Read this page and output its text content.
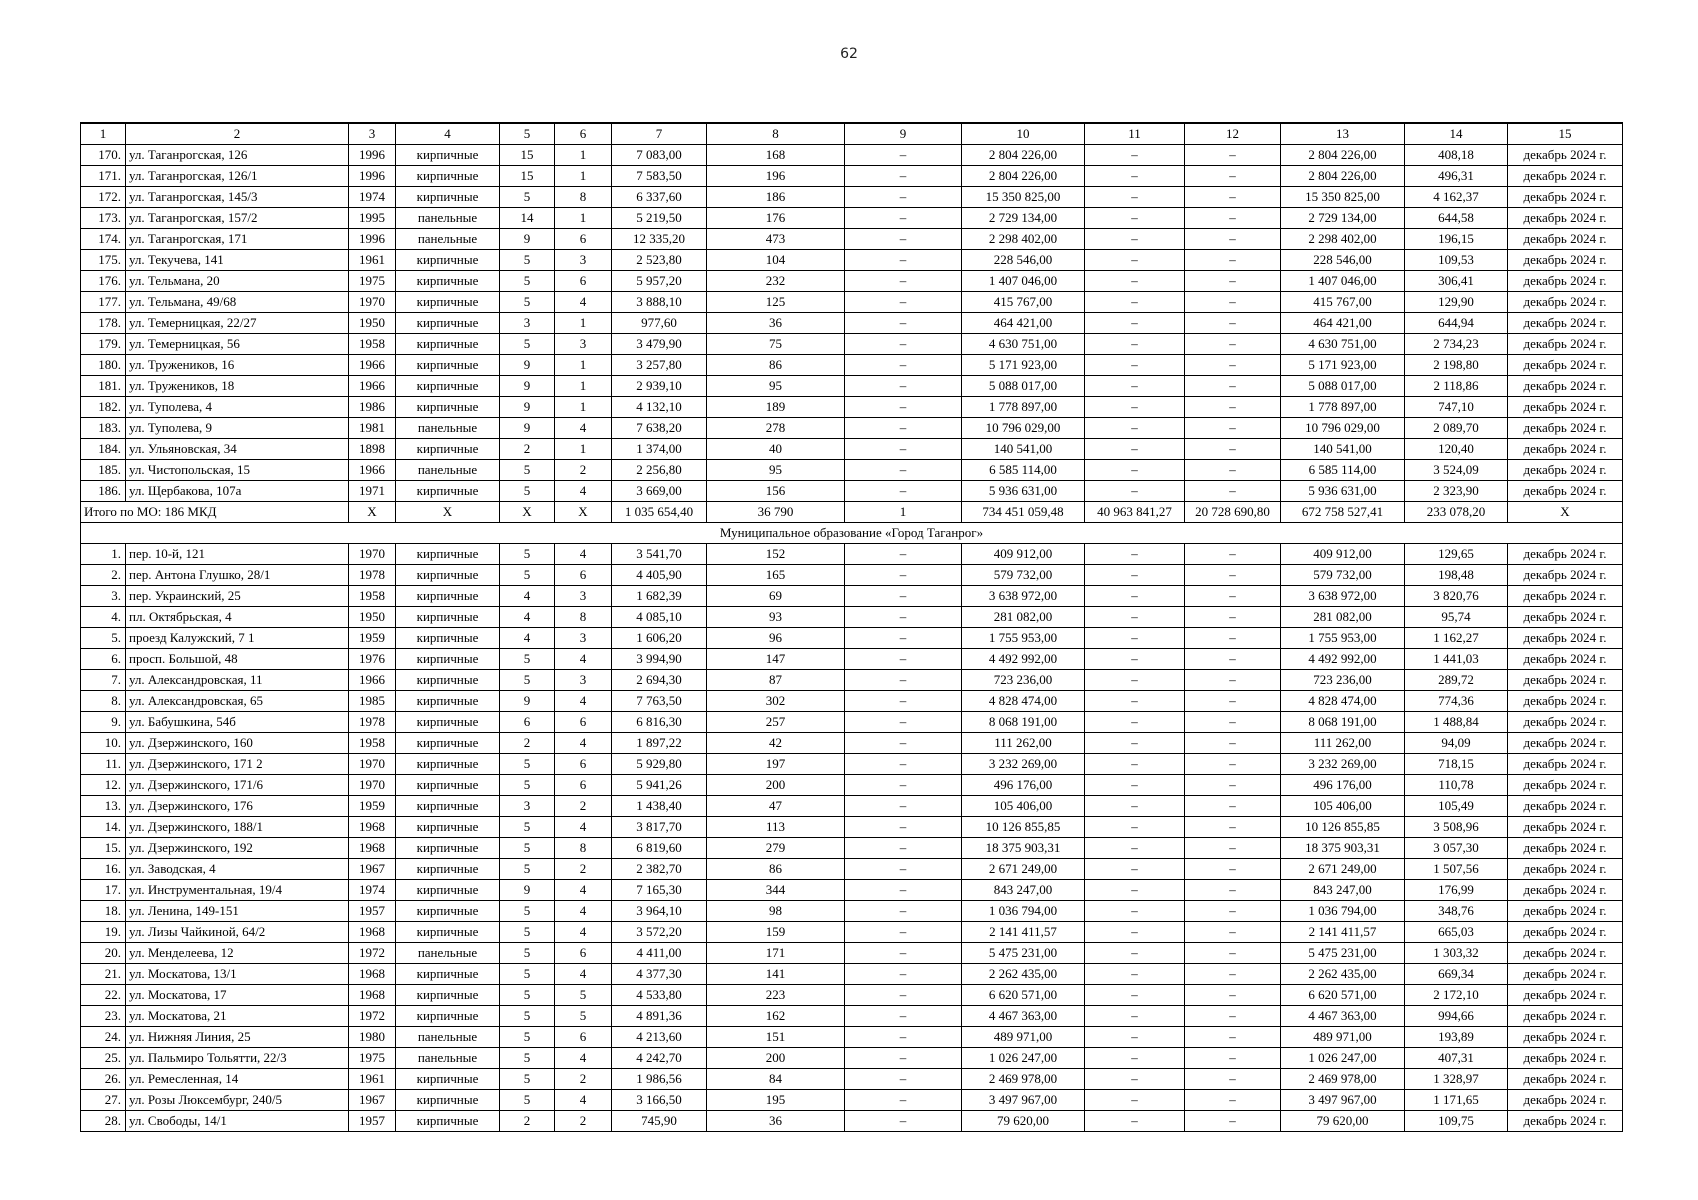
62
1	2	3	4	5	6	7	8	9	10	11	12	13	14	15
170.	ул. Таганрогская, 126	1996	кирпичные	15	1	7 083,00	168	–	2 804 226,00	–	–	2 804 226,00	408,18	декабрь 2024 г.
171.	ул. Таганрогская, 126/1	1996	кирпичные	15	1	7 583,50	196	–	2 804 226,00	–	–	2 804 226,00	496,31	декабрь 2024 г.
172.	ул. Таганрогская, 145/3	1974	кирпичные	5	8	6 337,60	186	–	15 350 825,00	–	–	15 350 825,00	4 162,37	декабрь 2024 г.
173.	ул. Таганрогская, 157/2	1995	панельные	14	1	5 219,50	176	–	2 729 134,00	–	–	2 729 134,00	644,58	декабрь 2024 г.
174.	ул. Таганрогская, 171	1996	панельные	9	6	12 335,20	473	–	2 298 402,00	–	–	2 298 402,00	196,15	декабрь 2024 г.
175.	ул. Текучева, 141	1961	кирпичные	5	3	2 523,80	104	–	228 546,00	–	–	228 546,00	109,53	декабрь 2024 г.
176.	ул. Тельмана, 20	1975	кирпичные	5	6	5 957,20	232	–	1 407 046,00	–	–	1 407 046,00	306,41	декабрь 2024 г.
177.	ул. Тельмана, 49/68	1970	кирпичные	5	4	3 888,10	125	–	415 767,00	–	–	415 767,00	129,90	декабрь 2024 г.
178.	ул. Темерницкая, 22/27	1950	кирпичные	3	1	977,60	36	–	464 421,00	–	–	464 421,00	644,94	декабрь 2024 г.
179.	ул. Темерницкая, 56	1958	кирпичные	5	3	3 479,90	75	–	4 630 751,00	–	–	4 630 751,00	2 734,23	декабрь 2024 г.
180.	ул. Тружеников, 16	1966	кирпичные	9	1	3 257,80	86	–	5 171 923,00	–	–	5 171 923,00	2 198,80	декабрь 2024 г.
181.	ул. Тружеников, 18	1966	кирпичные	9	1	2 939,10	95	–	5 088 017,00	–	–	5 088 017,00	2 118,86	декабрь 2024 г.
182.	ул. Туполева, 4	1986	кирпичные	9	1	4 132,10	189	–	1 778 897,00	–	–	1 778 897,00	747,10	декабрь 2024 г.
183.	ул. Туполева, 9	1981	панельные	9	4	7 638,20	278	–	10 796 029,00	–	–	10 796 029,00	2 089,70	декабрь 2024 г.
184.	ул. Ульяновская, 34	1898	кирпичные	2	1	1 374,00	40	–	140 541,00	–	–	140 541,00	120,40	декабрь 2024 г.
185.	ул. Чистопольская, 15	1966	панельные	5	2	2 256,80	95	–	6 585 114,00	–	–	6 585 114,00	3 524,09	декабрь 2024 г.
186.	ул. Щербакова, 107а	1971	кирпичные	5	4	3 669,00	156	–	5 936 631,00	–	–	5 936 631,00	2 323,90	декабрь 2024 г.
Итого по МО: 186 МКД		X	X	X	X	1 035 654,40	36 790	1	734 451 059,48	40 963 841,27	20 728 690,80	672 758 527,41	233 078,20	X
Муниципальное образование «Город Таганрог»														
1.	пер. 10-й, 121	1970	кирпичные	5	4	3 541,70	152	–	409 912,00	–	–	409 912,00	129,65	декабрь 2024 г.
2.	пер. Антона Глушко, 28/1	1978	кирпичные	5	6	4 405,90	165	–	579 732,00	–	–	579 732,00	198,48	декабрь 2024 г.
3.	пер. Украинский, 25	1958	кирпичные	4	3	1 682,39	69	–	3 638 972,00	–	–	3 638 972,00	3 820,76	декабрь 2024 г.
4.	пл. Октябрьская, 4	1950	кирпичные	4	8	4 085,10	93	–	281 082,00	–	–	281 082,00	95,74	декабрь 2024 г.
5.	проезд Калужский, 7 1	1959	кирпичные	4	3	1 606,20	96	–	1 755 953,00	–	–	1 755 953,00	1 162,27	декабрь 2024 г.
6.	просп. Большой, 48	1976	кирпичные	5	4	3 994,90	147	–	4 492 992,00	–	–	4 492 992,00	1 441,03	декабрь 2024 г.
7.	ул. Александровская, 11	1966	кирпичные	5	3	2 694,30	87	–	723 236,00	–	–	723 236,00	289,72	декабрь 2024 г.
8.	ул. Александровская, 65	1985	кирпичные	9	4	7 763,50	302	–	4 828 474,00	–	–	4 828 474,00	774,36	декабрь 2024 г.
9.	ул. Бабушкина, 54б	1978	кирпичные	6	6	6 816,30	257	–	8 068 191,00	–	–	8 068 191,00	1 488,84	декабрь 2024 г.
10.	ул. Дзержинского, 160	1958	кирпичные	2	4	1 897,22	42	–	111 262,00	–	–	111 262,00	94,09	декабрь 2024 г.
11.	ул. Дзержинского, 171 2	1970	кирпичные	5	6	5 929,80	197	–	3 232 269,00	–	–	3 232 269,00	718,15	декабрь 2024 г.
12.	ул. Дзержинского, 171/6	1970	кирпичные	5	6	5 941,26	200	–	496 176,00	–	–	496 176,00	110,78	декабрь 2024 г.
13.	ул. Дзержинского, 176	1959	кирпичные	3	2	1 438,40	47	–	105 406,00	–	–	105 406,00	105,49	декабрь 2024 г.
14.	ул. Дзержинского, 188/1	1968	кирпичные	5	4	3 817,70	113	–	10 126 855,85	–	–	10 126 855,85	3 508,96	декабрь 2024 г.
15.	ул. Дзержинского, 192	1968	кирпичные	5	8	6 819,60	279	–	18 375 903,31	–	–	18 375 903,31	3 057,30	декабрь 2024 г.
16.	ул. Заводская, 4	1967	кирпичные	5	2	2 382,70	86	–	2 671 249,00	–	–	2 671 249,00	1 507,56	декабрь 2024 г.
17.	ул. Инструментальная, 19/4	1974	кирпичные	9	4	7 165,30	344	–	843 247,00	–	–	843 247,00	176,99	декабрь 2024 г.
18.	ул. Ленина, 149-151	1957	кирпичные	5	4	3 964,10	98	–	1 036 794,00	–	–	1 036 794,00	348,76	декабрь 2024 г.
19.	ул. Лизы Чайкиной, 64/2	1968	кирпичные	5	4	3 572,20	159	–	2 141 411,57	–	–	2 141 411,57	665,03	декабрь 2024 г.
20.	ул. Менделеева, 12	1972	панельные	5	6	4 411,00	171	–	5 475 231,00	–	–	5 475 231,00	1 303,32	декабрь 2024 г.
21.	ул. Москатова, 13/1	1968	кирпичные	5	4	4 377,30	141	–	2 262 435,00	–	–	2 262 435,00	669,34	декабрь 2024 г.
22.	ул. Москатова, 17	1968	кирпичные	5	5	4 533,80	223	–	6 620 571,00	–	–	6 620 571,00	2 172,10	декабрь 2024 г.
23.	ул. Москатова, 21	1972	кирпичные	5	5	4 891,36	162	–	4 467 363,00	–	–	4 467 363,00	994,66	декабрь 2024 г.
24.	ул. Нижняя Линия, 25	1980	панельные	5	6	4 213,60	151	–	489 971,00	–	–	489 971,00	193,89	декабрь 2024 г.
25.	ул. Пальмиро Тольятти, 22/3	1975	панельные	5	4	4 242,70	200	–	1 026 247,00	–	–	1 026 247,00	407,31	декабрь 2024 г.
26.	ул. Ремесленная, 14	1961	кирпичные	5	2	1 986,56	84	–	2 469 978,00	–	–	2 469 978,00	1 328,97	декабрь 2024 г.
27.	ул. Розы Люксембург, 240/5	1967	кирпичные	5	4	3 166,50	195	–	3 497 967,00	–	–	3 497 967,00	1 171,65	декабрь 2024 г.
28.	ул. Свободы, 14/1	1957	кирпичные	2	2	745,90	36	–	79 620,00	–	–	79 620,00	109,75	декабрь 2024 г.
